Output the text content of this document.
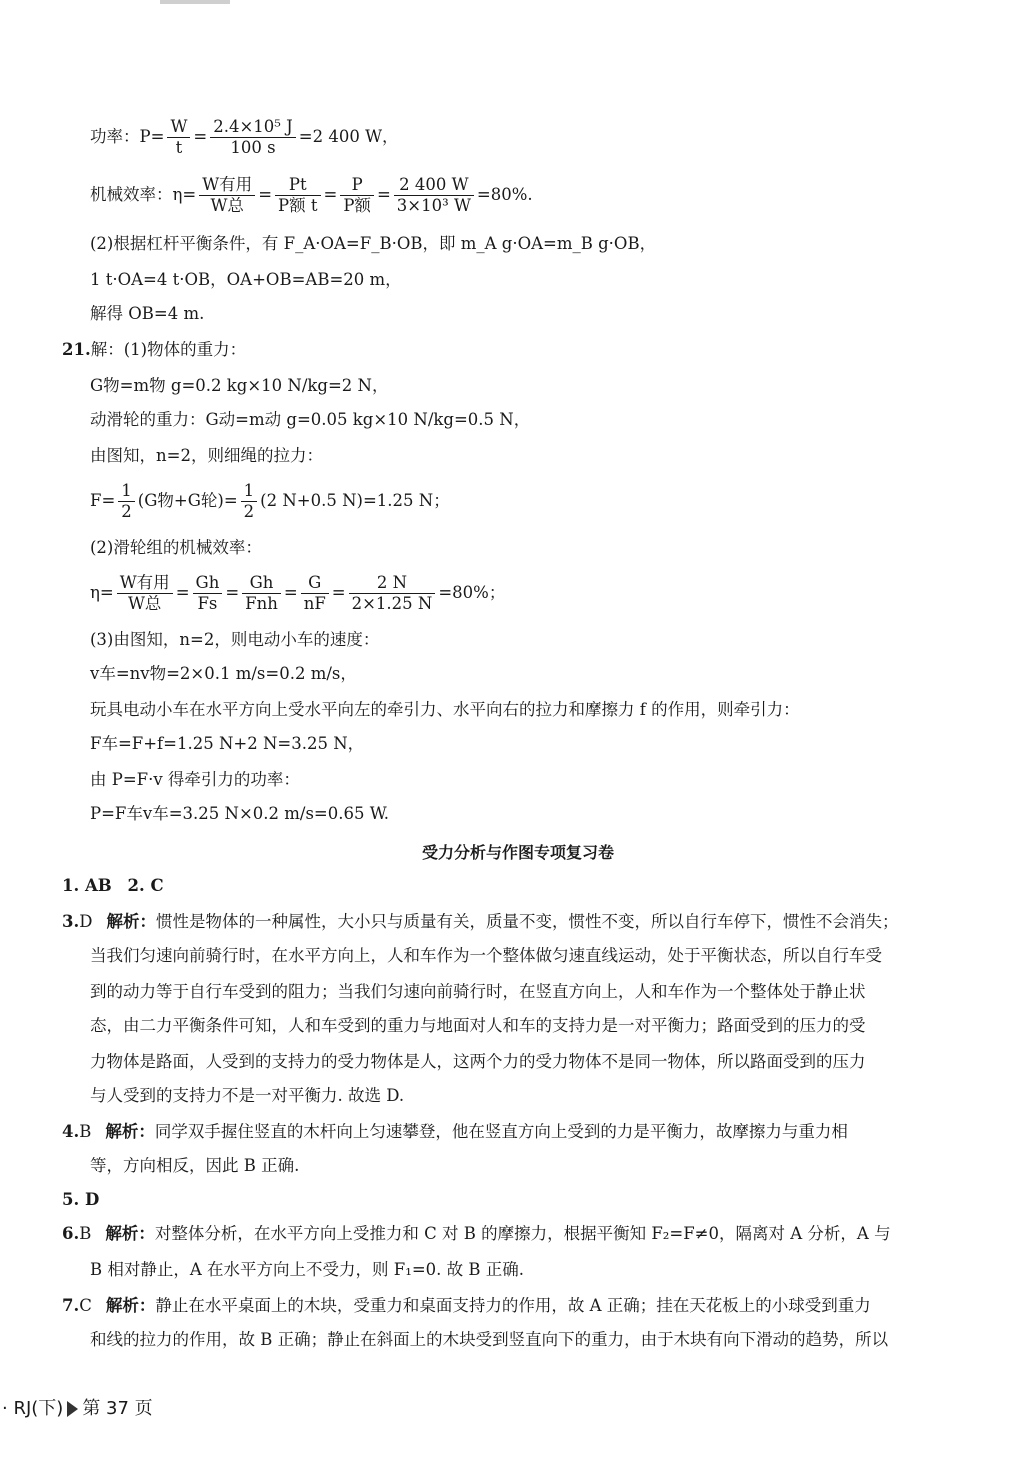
功率：$P= \frac{W}{t} = \frac{\text{2.4×10⁵ J}}{100 s} =2$ 400 W，
机械效率：$\eta= \frac{\text{W有用}}{\text{W总}} = \frac{Pt}{\text{P额 t}} = \frac{P}{\text{P额}} = \frac{2 400 W}{\text{3×10³ W}} =80\%$.
(2)根据杠杆平衡条件，有 F_A·OA=F_B·OB，即 m_A g·OA=m_B g·OB，
1 t·OA=4 t·OB，OA+OB=AB=20 m，
解得 OB=4 m.
21.解：(1)物体的重力：
G物=m物 g=0.2 kg×10 N/kg=2 N，
动滑轮的重力：G动=m动 g=0.05 kg×10 N/kg=0.5 N，
由图知，n=2，则细绳的拉力：
$F= \frac{1}{2} (G$物+G轮)= $\frac{1}{2} (2$ N+0.5 N)=1.25 N；
(2)滑轮组的机械效率：
$\eta= \frac{\text{W有用}}{\text{W总}} = \frac{Gh}{Fs} = \frac{Gh}{\text{Fnh}} = \frac{G}{nF} = \frac{2 N}{2\times 1.25 N} =80\%$；
(3)由图知，n=2，则电动小车的速度：
v车=nv物=2×0.1 m/s=0.2 m/s，
玩具电动小车在水平方向上受水平向左的牵引力、水平向右的拉力和摩擦力 f 的作用，则牵引力：
F车=F+f=1.25 N+2 N=3.25 N，
由 P=F·v 得牵引力的功率：
P=F车v车=3.25 N×0.2 m/s=0.65 W.
受力分析与作图专项复习卷
1. AB 2. C
3.D 解析：惯性是物体的一种属性，大小只与质量有关，质量不变，惯性不变，所以自行车停下，惯性不会消失；
当我们匀速向前骑行时，在水平方向上，人和车作为一个整体做匀速直线运动，处于平衡状态，所以自行车受
到的动力等于自行车受到的阻力；当我们匀速向前骑行时，在竖直方向上，人和车作为一个整体处于静止状
态，由二力平衡条件可知，人和车受到的重力与地面对人和车的支持力是一对平衡力；路面受到的压力的受
力物体是路面，人受到的支持力的受力物体是人，这两个力的受力物体不是同一物体，所以路面受到的压力
与人受到的支持力不是一对平衡力. 故选 D.
4.B 解析：同学双手握住竖直的木杆向上匀速攀登，他在竖直方向上受到的力是平衡力，故摩擦力与重力相
等，方向相反，因此 B 正确.
5. D
6.B 解析：对整体分析，在水平方向上受推力和 C 对 B 的摩擦力，根据平衡知 F₂=F≠0，隔离对 A 分析，A 与
B 相对静止，A 在水平方向上不受力，则 F₁=0. 故 B 正确.
7.C 解析：静止在水平桌面上的木块，受重力和桌面支持力的作用，故 A 正确；挂在天花板上的小球受到重力
和线的拉力的作用，故 B 正确；静止在斜面上的木块受到竖直向下的重力，由于木块有向下滑动的趋势，所以
· RJ(下) 第 37 页
